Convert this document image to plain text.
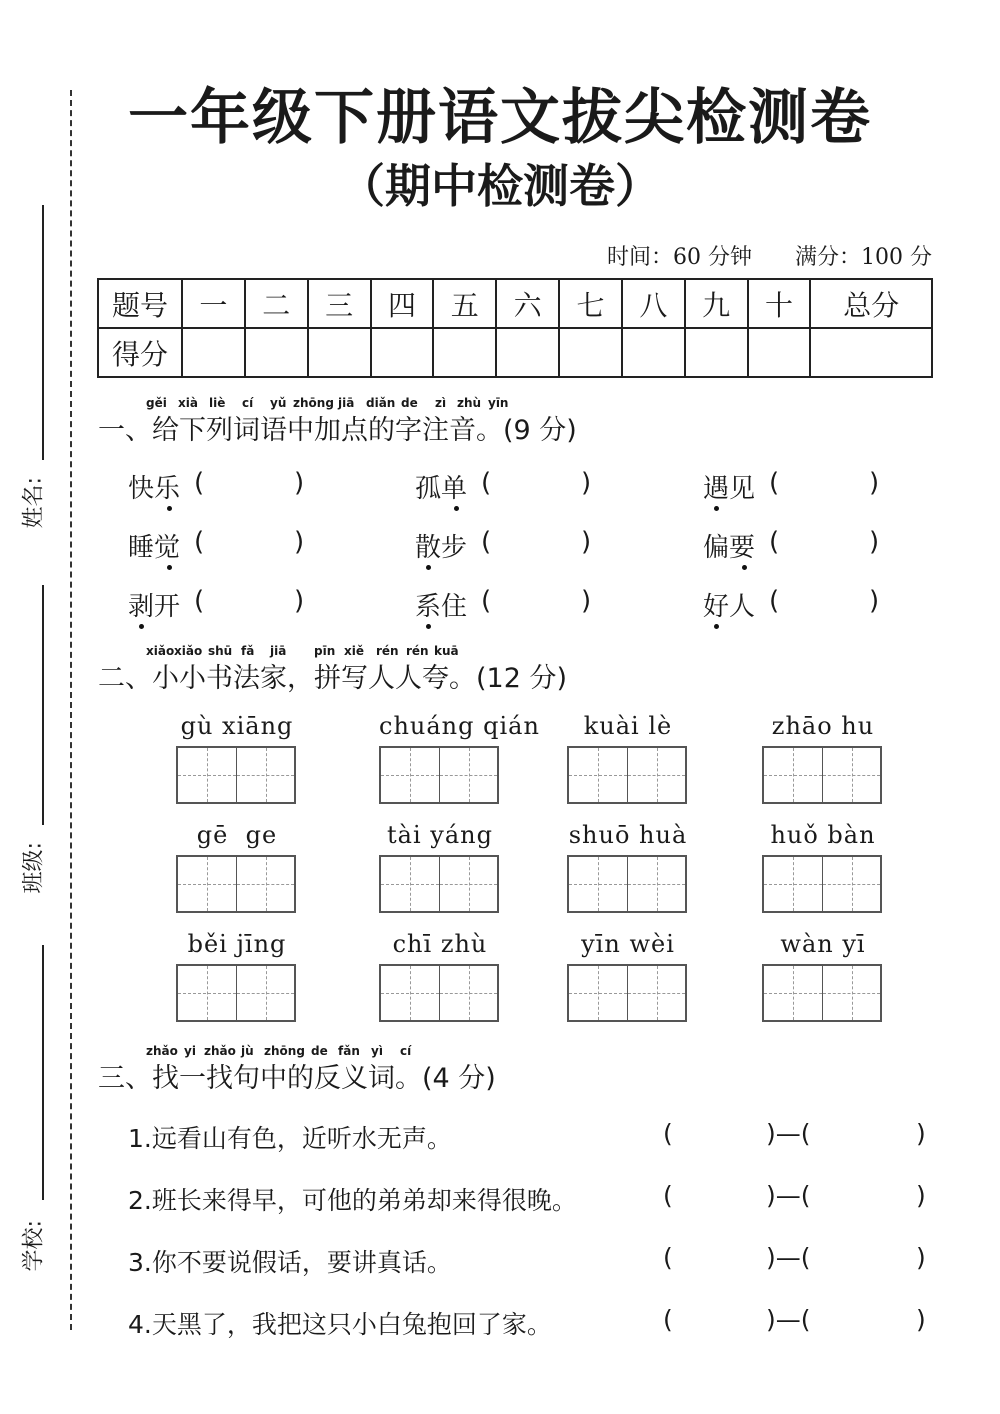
姓名:
班级:
学校:
一年级下册语文拔尖检测卷
（期中检测卷）
时间：60 分钟 满分：100 分
题号	一	二	三	四	五	六	七	八	九	十	总分
得分											
gěi xià liè cí yǔ zhōng jiā diǎn de zì zhù yīn
一、给下列词语中加点的字注音。(9 分)
快乐 (	)	孤单 (	)	遇见 (	)
睡觉 (	)	散步 (	)	偏要 (	)
剥开 (	)	系住 (	)	好人 (	)
xiǎo xiǎo shū fǎ jiā pīn xiě rén rén kuā
二、小小书法家，拼写人人夸。(12 分)
gù xiāng	chuáng qián	kuài lè	zhāo hu
gē  ge	tài yáng	shuō huà	huǒ bàn
běi jīng	chī zhù	yīn wèi	wàn yī
zhǎo yi zhǎo jù zhōng de fǎn yì cí
三、找一找句中的反义词。(4 分)
1.远看山有色，近听水无声。	(	)—(	)
2.班长来得早，可他的弟弟却来得很晚。	(	)—(	)
3.你不要说假话，要讲真话。	(	)—(	)
4.天黑了，我把这只小白兔抱回了家。	(	)—(	)
